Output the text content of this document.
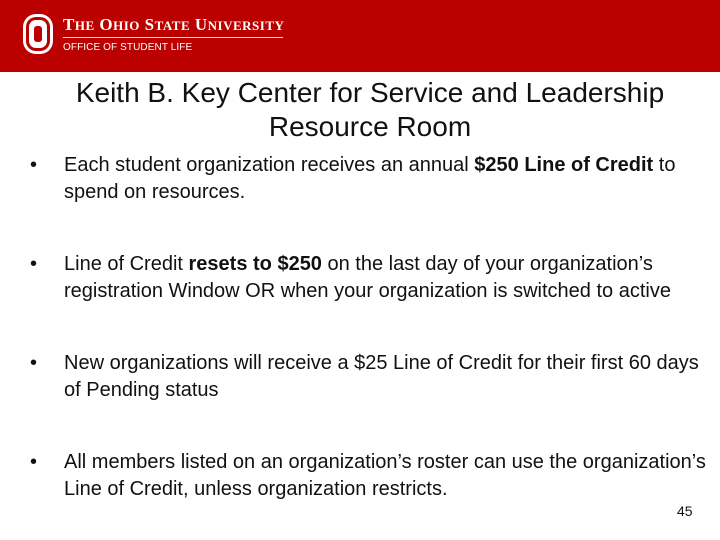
THE OHIO STATE UNIVERSITY
OFFICE OF STUDENT LIFE
Keith B. Key Center for Service and Leadership
Resource Room
• Each student organization receives an annual $250 Line of Credit to spend on resources.
• Line of Credit resets to $250 on the last day of your organization’s registration Window OR when your organization is switched to active
• New organizations will receive a $25 Line of Credit for their first 60 days of Pending status
• All members listed on an organization’s roster can use the organization’s Line of Credit, unless organization restricts.
45
